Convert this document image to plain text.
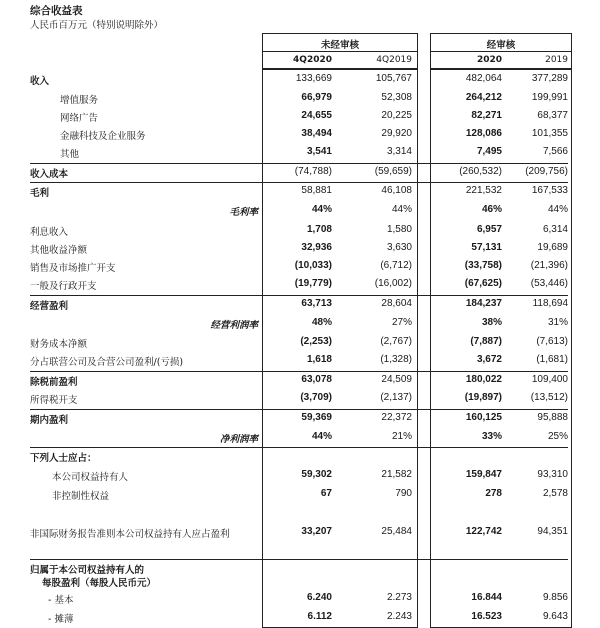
综合收益表
人民币百万元（特别说明除外）
未经审核	经审核
4Q2020	4Q2019	2020	2019
收入	133,669	105,767	482,064	377,289
增值服务	66,979	52,308	264,212	199,991
网络广告	24,655	20,225	82,271	68,377
金融科技及企业服务	38,494	29,920	128,086	101,355
其他	3,541	3,314	7,495	7,566
收入成本	(74,788)	(59,659)	(260,532)	(209,756)
毛利	58,881	46,108	221,532	167,533
毛利率	44%	44%	46%	44%
利息收入	1,708	1,580	6,957	6,314
其他收益净额	32,936	3,630	57,131	19,689
销售及市场推广开支	(10,033)	(6,712)	(33,758)	(21,396)
一般及行政开支	(19,779)	(16,002)	(67,625)	(53,446)
经营盈利	63,713	28,604	184,237	118,694
经营利润率	48%	27%	38%	31%
财务成本净额	(2,253)	(2,767)	(7,887)	(7,613)
分占联营公司及合营公司盈利/(亏损)	1,618	(1,328)	3,672	(1,681)
除税前盈利	63,078	24,509	180,022	109,400
所得税开支	(3,709)	(2,137)	(19,897)	(13,512)
期内盈利	59,369	22,372	160,125	95,888
净利润率	44%	21%	33%	25%
下列人士应占：
本公司权益持有人	59,302	21,582	159,847	93,310
非控制性权益	67	790	278	2,578
非国际财务报告准则本公司权益持有人应占盈利	33,207	25,484	122,742	94,351
归属于本公司权益持有人的
每股盈利（每股人民币元）
- 基本	6.240	2.273	16.844	9.856
- 摊薄	6.112	2.243	16.523	9.643
